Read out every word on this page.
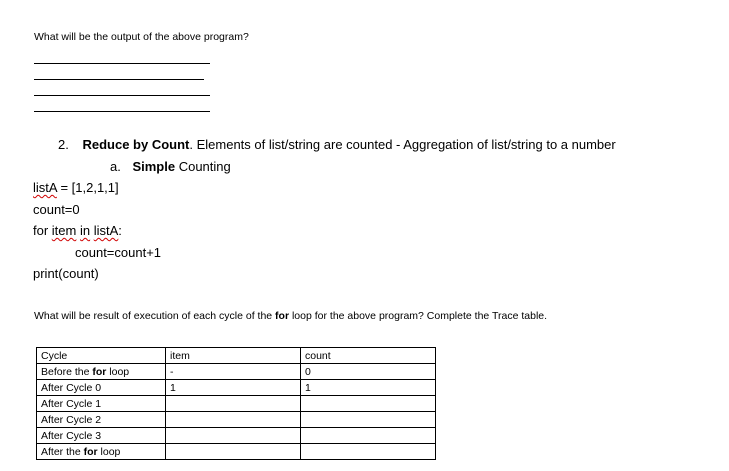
What will be the output of the above program?
2. Reduce by Count. Elements of list/string are counted - Aggregation of list/string to a number
a. Simple Counting
listA = [1,2,1,1]
count=0
for item in listA:
count=count+1
print(count)
What will be result of execution of each cycle of the for loop for the above program? Complete the Trace table.
Cycle	item	count
Before the for loop	-	0
After Cycle 0	1	1
After Cycle 1		
After Cycle 2		
After Cycle 3		
After the for loop		
